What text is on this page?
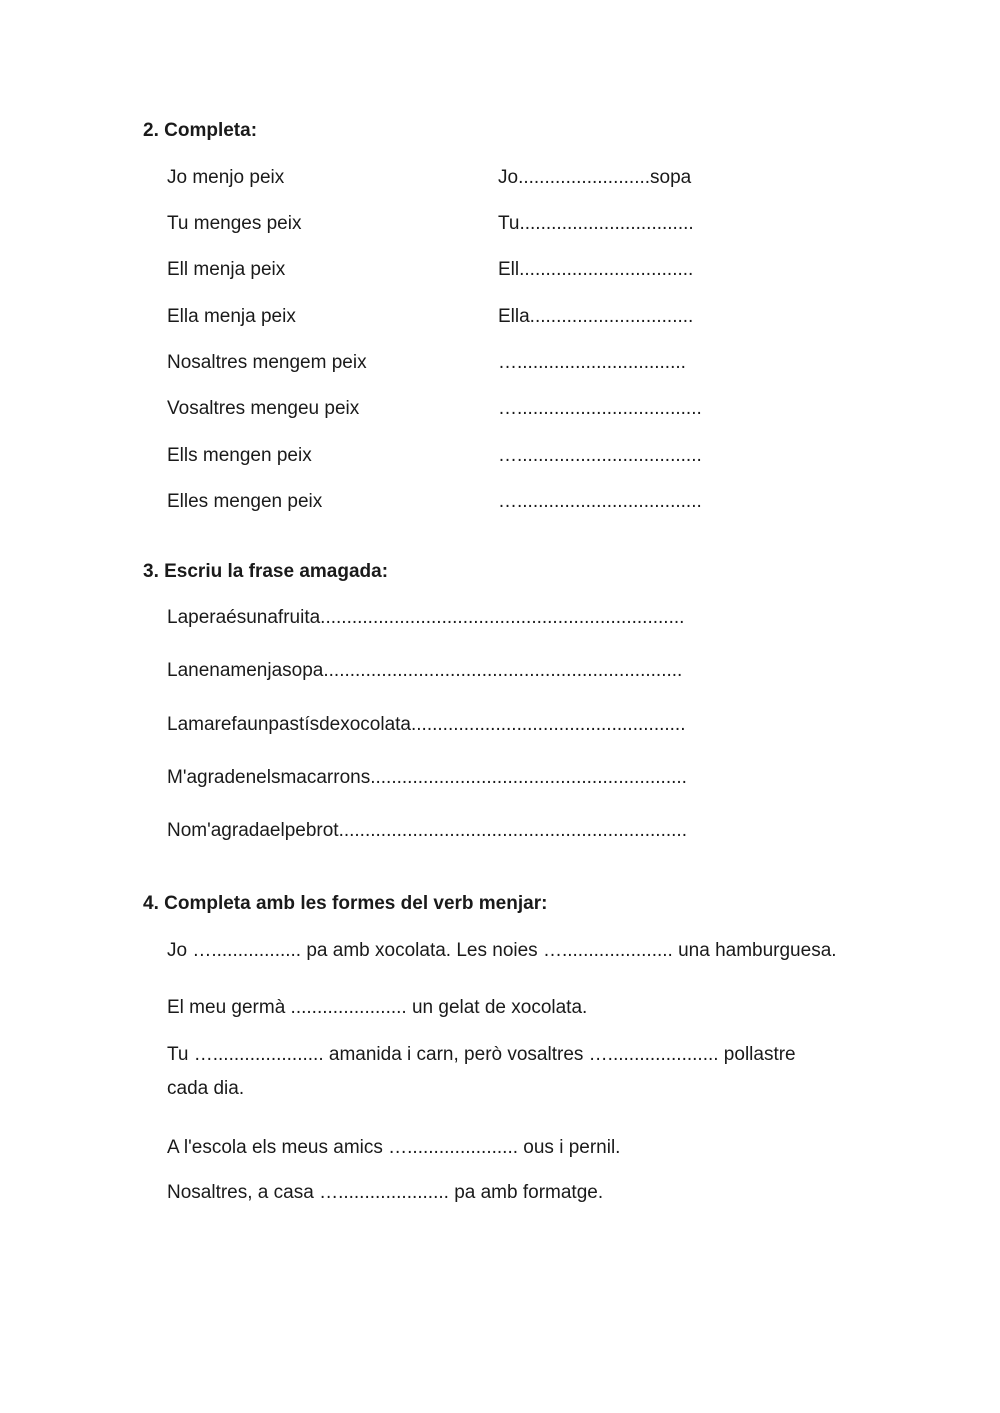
2. Completa:
Jo menjo peix	Jo.........................sopa
Tu menges peix	Tu.................................
Ell menja peix	Ell.................................
Ella menja peix	Ella...............................
Nosaltres mengem peix	…................................
Vosaltres mengeu peix	…...................................
Ells mengen peix	…...................................
Elles mengen peix	…...................................
3. Escriu la frase amagada:
Laperaésunafruita.....................................................................
Lanenamenjasopa....................................................................
Lamarefaunpastísdexocolata....................................................
M'agradenelsmacarrons............................................................
Nom'agradaelpebrot..................................................................
4. Completa amb les formes del verb menjar:
Jo …................. pa amb xocolata. Les noies …..................... una hamburguesa.
El meu germà ...................... un gelat de xocolata.
Tu …..................... amanida i carn, però vosaltres …..................... pollastre
cada dia.
A l'escola els meus amics …..................... ous i pernil.
Nosaltres, a casa …..................... pa amb formatge.
